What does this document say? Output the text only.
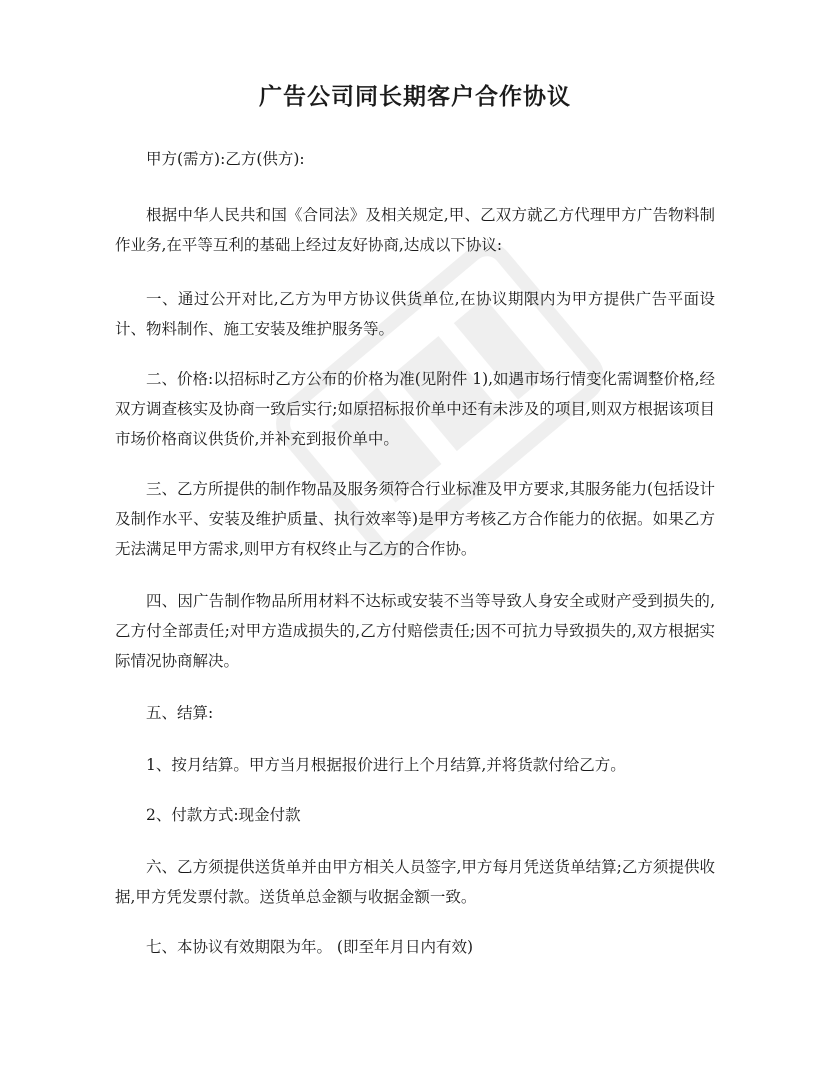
广告公司同长期客户合作协议

甲方(需方):乙方(供方):

根据中华人民共和国《合同法》及相关规定,甲、乙双方就乙方代理甲方广告物料制作业务,在平等互利的基础上经过友好协商,达成以下协议:

一、通过公开对比,乙方为甲方协议供货单位,在协议期限内为甲方提供广告平面设计、物料制作、施工安装及维护服务等。

二、价格:以招标时乙方公布的价格为准(见附件 1),如遇市场行情变化需调整价格,经双方调查核实及协商一致后实行;如原招标报价单中还有未涉及的项目,则双方根据该项目市场价格商议供货价,并补充到报价单中。

三、乙方所提供的制作物品及服务须符合行业标准及甲方要求,其服务能力(包括设计及制作水平、安装及维护质量、执行效率等)是甲方考核乙方合作能力的依据。如果乙方无法满足甲方需求,则甲方有权终止与乙方的合作协。

四、因广告制作物品所用材料不达标或安装不当等导致人身安全或财产受到损失的,乙方付全部责任;对甲方造成损失的,乙方付赔偿责任;因不可抗力导致损失的,双方根据实际情况协商解决。

五、结算:

1、按月结算。甲方当月根据报价进行上个月结算,并将货款付给乙方。

2、付款方式:现金付款

六、乙方须提供送货单并由甲方相关人员签字,甲方每月凭送货单结算;乙方须提供收据,甲方凭发票付款。送货单总金额与收据金额一致。

七、本协议有效期限为年。 (即至年月日内有效)
